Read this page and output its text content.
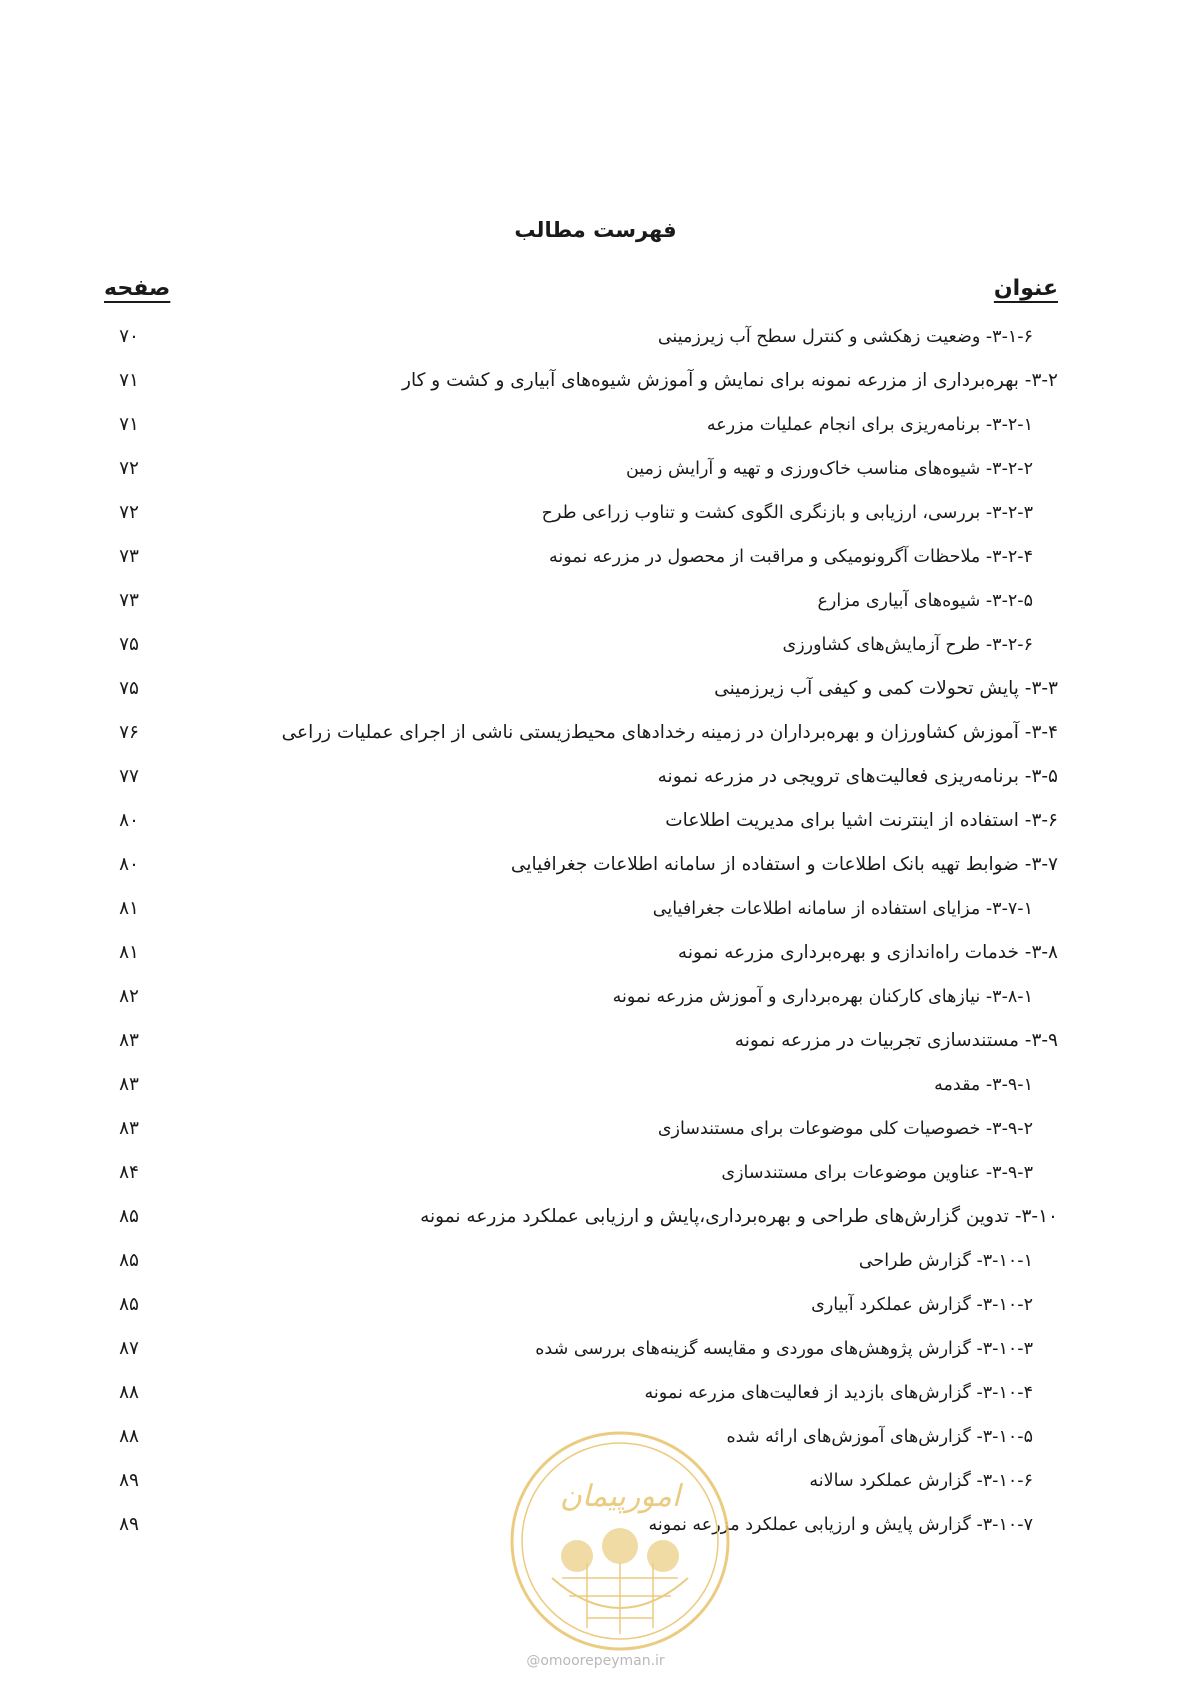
فهرست مطالب
عنوان
صفحه
۳-۱-۶- وضعیت زهکشی و کنترل سطح آب زیرزمینی
۷۰
۳-۲- بهره‌برداری از مزرعه نمونه برای نمایش و آموزش شیوه‌های آبیاری و کشت و کار
۷۱
۳-۲-۱- برنامه‌ریزی برای انجام عملیات مزرعه
۷۱
۳-۲-۲- شیوه‌های مناسب خاک‌ورزی و تهیه و آرایش زمین
۷۲
۳-۲-۳- بررسی، ارزیابی و بازنگری الگوی کشت و تناوب زراعی طرح
۷۲
۳-۲-۴- ملاحظات آگرونومیکی و مراقبت از محصول در مزرعه نمونه
۷۳
۳-۲-۵- شیوه‌های آبیاری مزارع
۷۳
۳-۲-۶- طرح آزمایش‌های کشاورزی
۷۵
۳-۳- پایش تحولات کمی و کیفی آب زیرزمینی
۷۵
۳-۴- آموزش کشاورزان و بهره‌برداران در زمینه رخدادهای محیط‌زیستی ناشی از اجرای عملیات زراعی
۷۶
۳-۵- برنامه‌ریزی فعالیت‌های ترویجی در مزرعه نمونه
۷۷
۳-۶- استفاده از اینترنت اشیا برای مدیریت اطلاعات
۸۰
۳-۷- ضوابط تهیه بانک اطلاعات و استفاده از سامانه اطلاعات جغرافیایی
۸۰
۳-۷-۱- مزایای استفاده از سامانه اطلاعات جغرافیایی
۸۱
۳-۸- خدمات راه‌اندازی و بهره‌برداری مزرعه نمونه
۸۱
۳-۸-۱- نیازهای کارکنان بهره‌برداری و آموزش مزرعه نمونه
۸۲
۳-۹- مستندسازی تجربیات در مزرعه نمونه
۸۳
۳-۹-۱- مقدمه
۸۳
۳-۹-۲- خصوصیات کلی موضوعات برای مستندسازی
۸۳
۳-۹-۳- عناوین موضوعات برای مستندسازی
۸۴
۳-۱۰- تدوین گزارش‌های طراحی و بهره‌برداری،پایش و ارزیابی عملکرد مزرعه نمونه
۸۵
۳-۱۰-۱- گزارش طراحی
۸۵
۳-۱۰-۲- گزارش عملکرد آبیاری
۸۵
۳-۱۰-۳- گزارش پژوهش‌های موردی و مقایسه گزینه‌های بررسی شده
۸۷
۳-۱۰-۴- گزارش‌های بازدید از فعالیت‌های مزرعه نمونه
۸۸
۳-۱۰-۵- گزارش‌های آموزش‌های ارائه شده
۸۸
۳-۱۰-۶- گزارش عملکرد سالانه
۸۹
۳-۱۰-۷- گزارش پایش و ارزیابی عملکرد مزرعه نمونه
۸۹
امورپیمان
@omoorepeyman.ir
